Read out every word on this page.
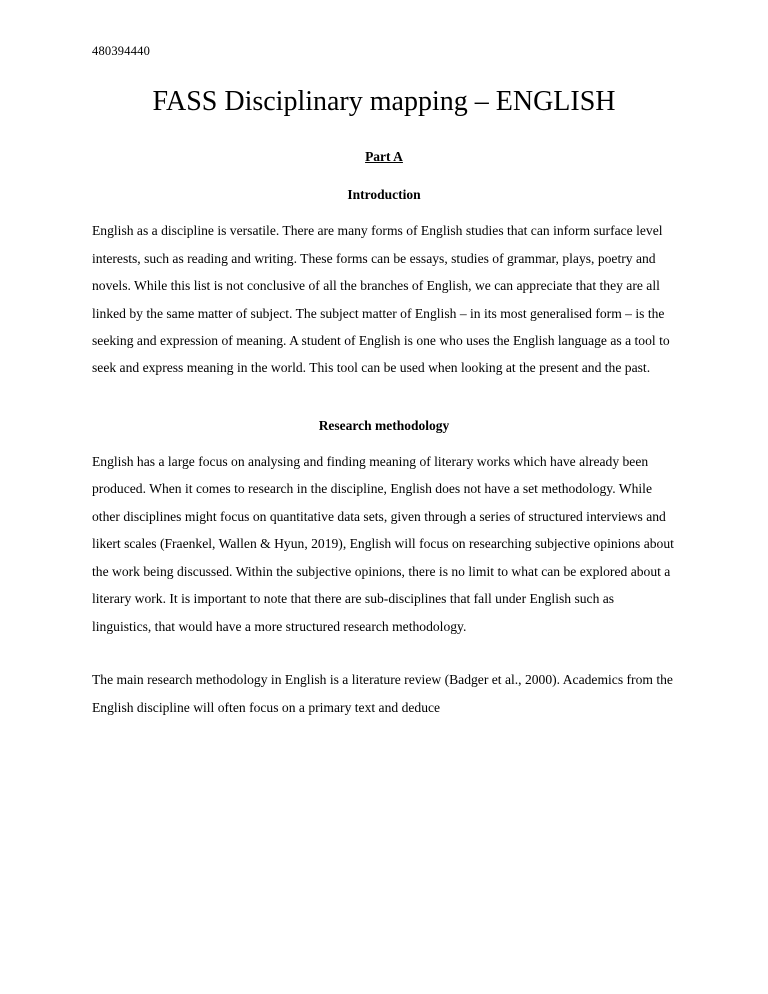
480394440
FASS Disciplinary mapping – ENGLISH
Part A
Introduction

English as a discipline is versatile. There are many forms of English studies that can inform surface level interests, such as reading and writing. These forms can be essays, studies of grammar, plays, poetry and novels. While this list is not conclusive of all the branches of English, we can appreciate that they are all linked by the same matter of subject. The subject matter of English – in its most generalised form – is the seeking and expression of meaning. A student of English is one who uses the English language as a tool to seek and express meaning in the world. This tool can be used when looking at the present and the past.

Research methodology

English has a large focus on analysing and finding meaning of literary works which have already been produced. When it comes to research in the discipline, English does not have a set methodology. While other disciplines might focus on quantitative data sets, given through a series of structured interviews and likert scales (Fraenkel, Wallen & Hyun, 2019), English will focus on researching subjective opinions about the work being discussed. Within the subjective opinions, there is no limit to what can be explored about a literary work. It is important to note that there are sub-disciplines that fall under English such as linguistics, that would have a more structured research methodology.

The main research methodology in English is a literature review (Badger et al., 2000). Academics from the English discipline will often focus on a primary text and deduce
